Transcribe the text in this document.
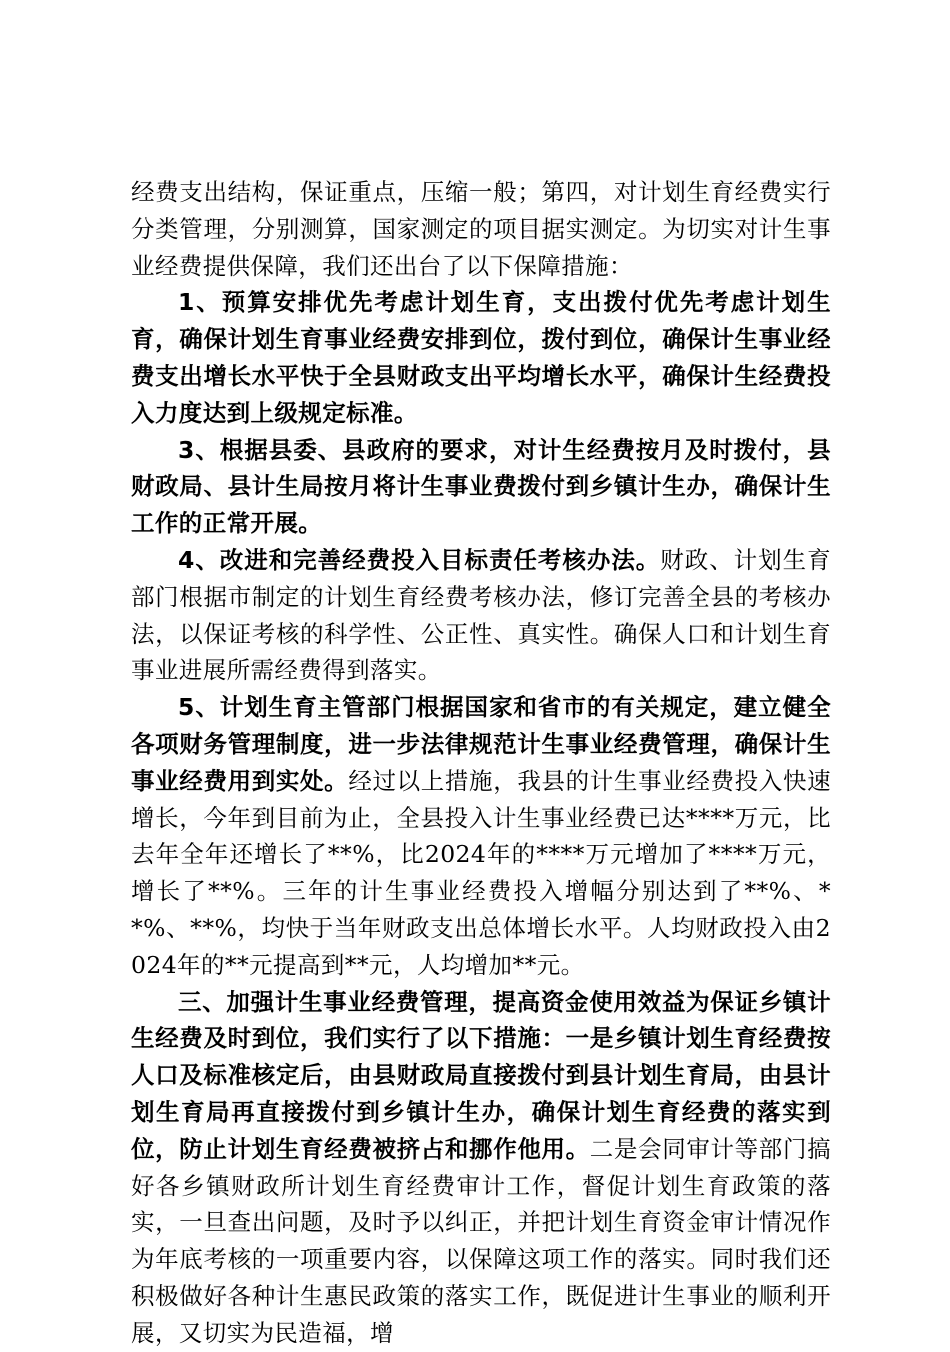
经费支出结构，保证重点，压缩一般；第四，对计划生育经费实行分类管理，分别测算，国家测定的项目据实测定。为切实对计生事业经费提供保障，我们还出台了以下保障措施：

1、预算安排优先考虑计划生育，支出拨付优先考虑计划生育，确保计划生育事业经费安排到位，拨付到位，确保计生事业经费支出增长水平快于全县财政支出平均增长水平，确保计生经费投入力度达到上级规定标准。

3、根据县委、县政府的要求，对计生经费按月及时拨付，县财政局、县计生局按月将计生事业费拨付到乡镇计生办，确保计生工作的正常开展。

4、改进和完善经费投入目标责任考核办法。财政、计划生育部门根据市制定的计划生育经费考核办法，修订完善全县的考核办法，以保证考核的科学性、公正性、真实性。确保人口和计划生育事业进展所需经费得到落实。

5、计划生育主管部门根据国家和省市的有关规定，建立健全各项财务管理制度，进一步法律规范计生事业经费管理，确保计生事业经费用到实处。经过以上措施，我县的计生事业经费投入快速增长，今年到目前为止，全县投入计生事业经费已达****万元，比去年全年还增长了**%，比2024年的****万元增加了****万元，增长了**%。三年的计生事业经费投入增幅分别达到了**%、**%、**%，均快于当年财政支出总体增长水平。人均财政投入由2024年的**元提高到**元，人均增加**元。

三、加强计生事业经费管理，提高资金使用效益为保证乡镇计生经费及时到位，我们实行了以下措施：一是乡镇计划生育经费按人口及标准核定后，由县财政局直接拨付到县计划生育局，由县计划生育局再直接拨付到乡镇计生办，确保计划生育经费的落实到位，防止计划生育经费被挤占和挪作他用。二是会同审计等部门搞好各乡镇财政所计划生育经费审计工作，督促计划生育政策的落实，一旦查出问题，及时予以纠正，并把计划生育资金审计情况作为年底考核的一项重要内容，以保障这项工作的落实。同时我们还积极做好各种计生惠民政策的落实工作，既促进计生事业的顺利开展，又切实为民造福，增
